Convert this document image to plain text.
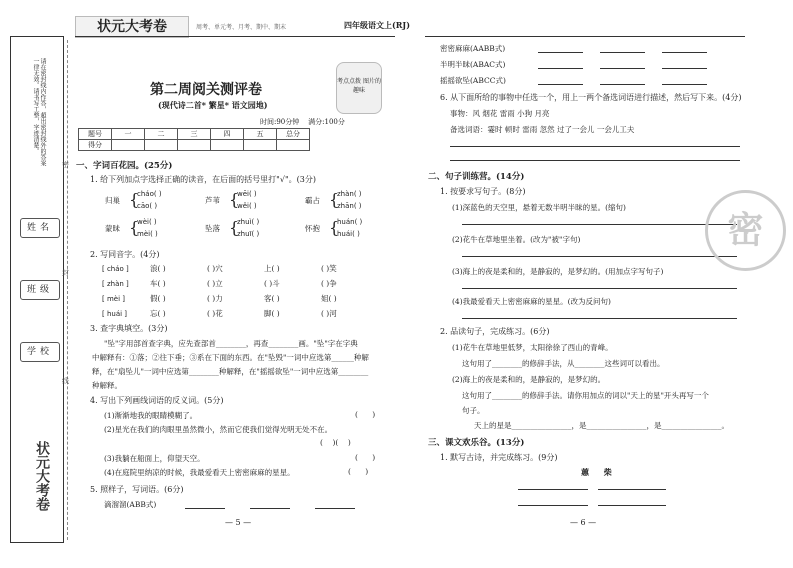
请在密封线内作答，超出密封线外的答案一律无效。请书写工整，字迹清楚。
姓名
班级
学校
状元大考卷
密
封
线
状元大考卷	周考、单元考、月考、期中、期末	四年级语文上(RJ)
第二周阅关测评卷
(现代诗二首* 繁星* 语文园地)
考点点拨 图片的趣味
时间:90分钟 满分:100分
题号	一	二	三	四	五	总分
得分						
一、字词百花园。(25分)
1. 给下列加点字选择正确的读音，在后面的括号里打"√"。(3分)
归巢 {
cháo( )
cāo( )
芦苇 {
wēi( )
wěi( )
霸占 {
zhàn( )
zhān( )
蒙昧 {
wèi( )
mèi( )
坠落 {
zhuì( )
zhuī( )
怀抱 {
huán( )
huái( )
2. 写同音字。(4分)
[ cháo ]	浪( )	( )穴	上( )	( )笑
[ zhàn ]	车( )	( )立	( )斗	( )争
[ mèi ]	假( )	( )力	客( )	姐( )
[ huái ]	忘( )	( )花	脚( )	( )河
3. 查字典填空。(3分)
"坠"字用部首查字典，应先查部首________，再查________画。"坠"字在字典
中解释有：①落；②往下垂；③系在下面的东西。在"坠毁"一词中应选第______种解
释，在"扇坠儿"一词中应选第________种解释，在"摇摇欲坠"一词中应选第________
种解释。
4. 写出下列画线词语的反义词。(5分)
(1)渐渐地我的眼睛模糊了。	(      )
(2)星光在我们的肉眼里虽然微小，然而它使我们觉得光明无处不在。
(    )(    )
(3)我躺在船面上，仰望天空。	(      )
(4)在庭院里纳凉的时候，我最爱看天上密密麻麻的星星。	(      )
5. 照样子，写词语。(6分)
滴溜溜(ABB式)
— 5 —
密密麻麻(AABB式)
半明半昧(ABAC式)
摇摇欲坠(ABCC式)
6. 从下面所给的事物中任选一个，用上一两个备选词语进行描述，然后写下来。(4分)
事物：风 烟花 雷雨 小狗 月亮
备选词语：霎时 顿时 雷雨 忽然 过了一会儿 一会儿工夫
二、句子训练营。(14分)
1. 按要求写句子。(8分)
(1)深蓝色的天空里，悬着无数半明半昧的星。(缩句)
(2)花牛在草地里坐着。(改为"被"字句)
(3)海上的夜是柔和的，是静寂的，是梦幻的。(用加点字写句子)
(4)我最爱看天上密密麻麻的星星。(改为反问句)
2. 品读句子，完成练习。(6分)
(1)花牛在草地里低梦，太阳徐徐了西山的青峰。
这句用了________的修辞手法，从________这些词可以看出。
(2)海上的夜是柔和的，是静寂的，是梦幻的。
这句用了________的修辞手法。请你用加点的词以"天上的星"开头再写一个
句子。
天上的星是________________，是________________，是________________。
三、课文欢乐谷。(13分)
1. 默写古诗，并完成练习。(9分)
蕙 柴
— 6 —
密
